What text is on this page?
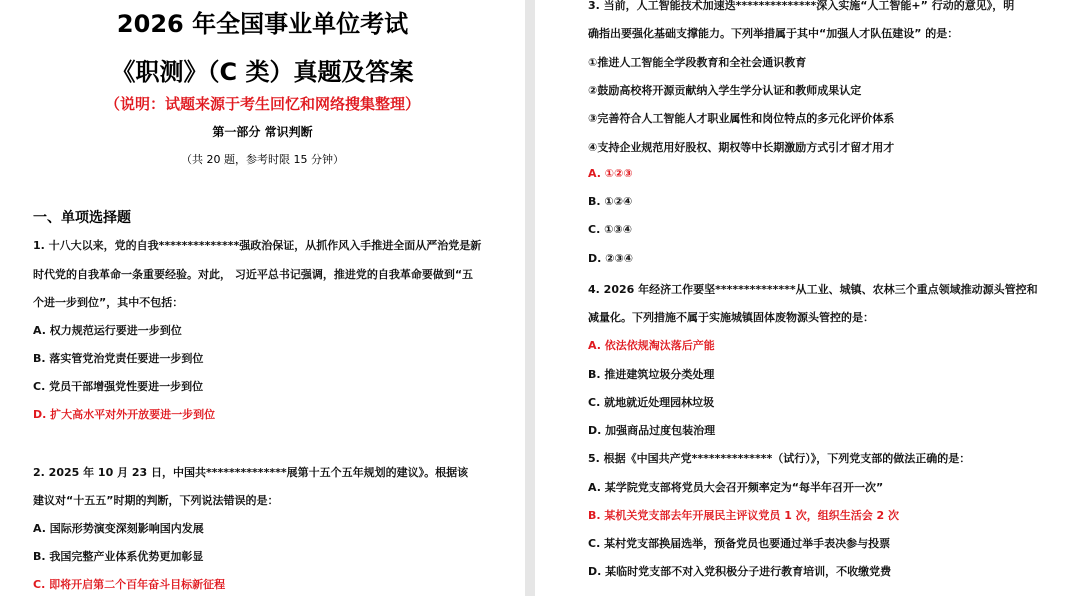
2026 年全国事业单位考试
《职测》（C 类）真题及答案
（说明：试题来源于考生回忆和网络搜集整理）
第一部分 常识判断
（共 20 题，参考时限 15 分钟）
一、单项选择题
1. 十八大以来，党的自我**************强政治保证，从抓作风入手推进全面从严治党是新
时代党的自我革命一条重要经验。对此， 习近平总书记强调，推进党的自我革命要做到“五
个进一步到位”，其中不包括：
A. 权力规范运行要进一步到位
B. 落实管党治党责任要进一步到位
C. 党员干部增强党性要进一步到位
D. 扩大高水平对外开放要进一步到位
2. 2025 年 10 月 23 日，中国共**************展第十五个五年规划的建议》。根据该
建议对“十五五”时期的判断，下列说法错误的是：
A. 国际形势演变深刻影响国内发展
B. 我国完整产业体系优势更加彰显
C. 即将开启第二个百年奋斗目标新征程
3. 当前，人工智能技术加速迭**************深入实施“人工智能+” 行动的意见》，明
确指出要强化基础支撑能力。下列举措属于其中“加强人才队伍建设” 的是：
①推进人工智能全学段教育和全社会通识教育
②鼓励高校将开源贡献纳入学生学分认证和教师成果认定
③完善符合人工智能人才职业属性和岗位特点的多元化评价体系
④支持企业规范用好股权、期权等中长期激励方式引才留才用才
A. ①②③
B. ①②④
C. ①③④
D. ②③④
4. 2026 年经济工作要坚**************从工业、城镇、农林三个重点领域推动源头管控和
减量化。下列措施不属于实施城镇固体废物源头管控的是：
A. 依法依规淘汰落后产能
B. 推进建筑垃圾分类处理
C. 就地就近处理园林垃圾
D. 加强商品过度包装治理
5. 根据《中国共产党**************（试行）》，下列党支部的做法正确的是：
A. 某学院党支部将党员大会召开频率定为“每半年召开一次”
B. 某机关党支部去年开展民主评议党员 1 次，组织生活会 2 次
C. 某村党支部换届选举，预备党员也要通过举手表决参与投票
D. 某临时党支部不对入党积极分子进行教育培训，不收缴党费
